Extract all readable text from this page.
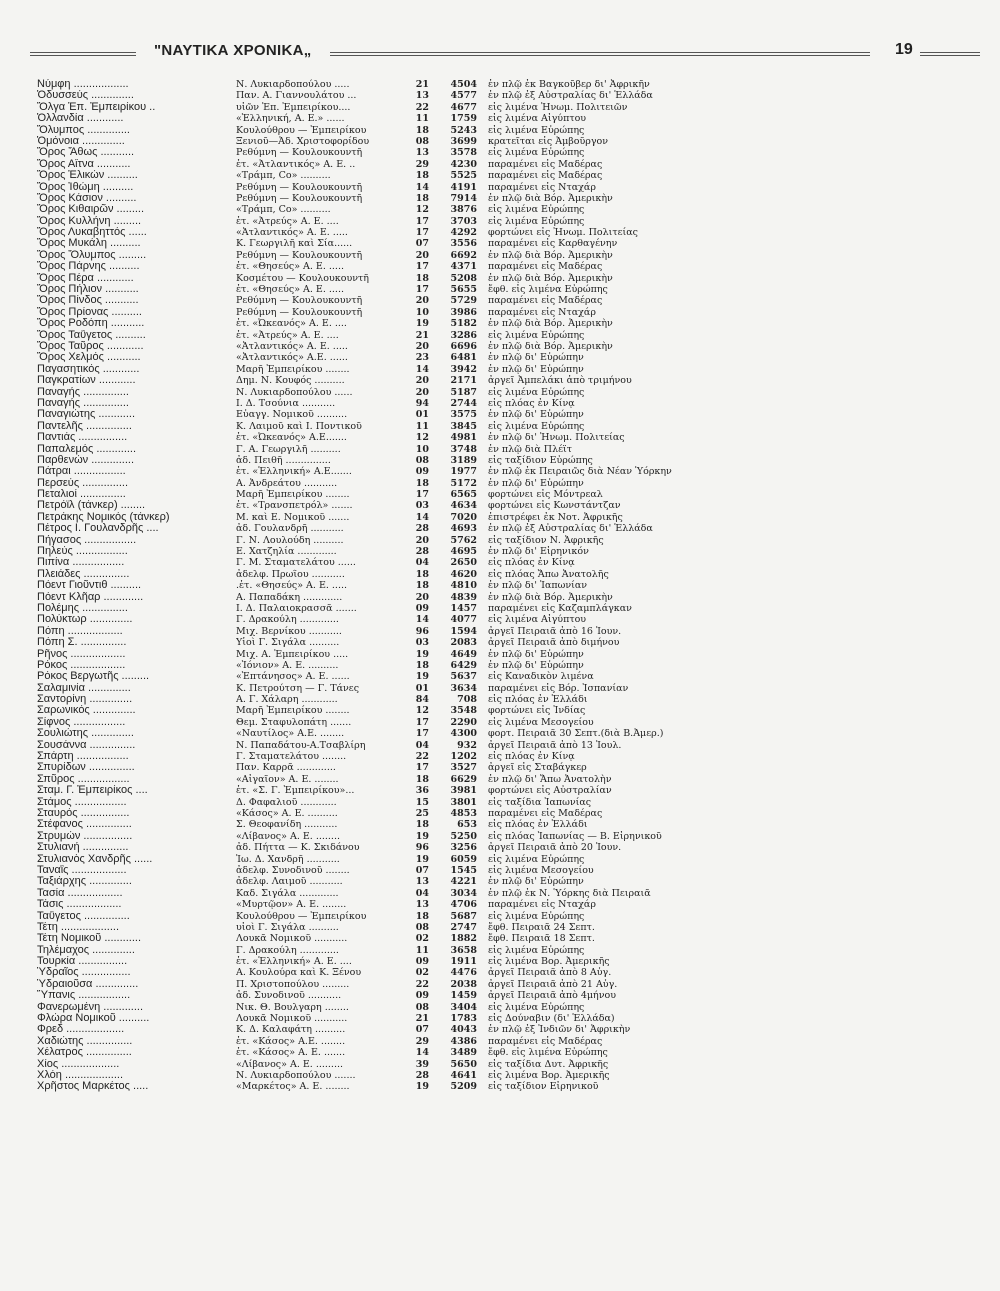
"ΝΑΥΤΙΚΑ ΧΡΟΝΙΚΑ„	19
Νύμφη ..................	Ν. Λυκιαρδοπούλου .....	21	4504 ἐν πλῷ ἐκ Βαγκοῦβερ δι' Ἀφρικῆν
Ὀδυσσεύς ..............	Παν. Α. Γιαννουλάτου ...	13	4577 ἐν πλῷ ἐξ Αὐστραλίας δι' Ἑλλάδα
Ὄλγα Ἐπ. Ἐμπειρίκου ..	υἱῶν Ἐπ. Ἐμπειρίκου....	22	4677 εἰς λιμένα Ἠνωμ. Πολιτειῶν
Ὀλλανδία ............	«Ἑλληνική, Α. Ε.» ......	11	1759 εἰς λιμένα Αἰγύπτου
Ὄλυμπος ..............	Κουλούθρου — Ἐμπειρίκου	18	5243 εἰς λιμένα Εὐρώπης
Ὁμόνοια ..............	Ξενιοῦ—Ἀδ. Χριστοφορίδου	08	3699 κρατεῖται εἰς Ἀμβοῦργον
Ὄρος Ἄθως ...........	Ρεθύμνη — Κουλουκουντῆ	13	3578 εἰς λιμένα Εὐρώπης
Ὄρος Αἴτνα ...........	ἑτ. «Ἀτλαντικός» Α. Ε. ..	29	4230 παραμένει εἰς Μαδέρας
Ὄρος Ἑλικών ..........	«Τράμπ, Co» ..........	18	5525 παραμένει εἰς Μαδέρας
Ὄρος Ἰθώμη ..........	Ρεθύμνη — Κουλουκουντῆ	14	4191 παραμένει εἰς Νταχάρ
Ὄρος Κάσιον ..........	Ρεθύμνη — Κουλουκουντῆ	18	7914 ἐν πλῷ διὰ Βόρ. Ἀμερικὴν
Ὄρος Κιθαιρῶν .........	«Τράμπ, Co» ..........	12	3876 εἰς λιμένα Εὐρώπης
Ὄρος Κυλλήνη .........	ἑτ. «Ἀτρεύς» Α. Ε. ....	17	3703 εἰς λιμένα Εὐρώπης
Ὄρος Λυκαβηττός ......	«Ἀτλαντικός» Α. Ε. .....	17	4292 φορτώνει εἰς Ἠνωμ. Πολιτείας
Ὄρος Μυκάλη ..........	Κ. Γεωργιλῆ καὶ Σία......	07	3556 παραμένει εἰς Καρθαγένην
Ὄρος Ὄλυμπος .........	Ρεθύμνη — Κουλουκουντῆ	20	6692 ἐν πλῷ διὰ Βόρ. Ἀμερικὴν
Ὄρος Πάρνης ..........	ἑτ. «Θησεύς» Α. Ε. .....	17	4371 παραμένει εἰς Μαδέρας
Ὄρος Πέρα ............	Κοσμέτου — Κουλουκουντῆ	18	5208 ἐν πλῷ διὰ Βόρ. Ἀμερικὴν
Ὄρος Πήλιον ...........	ἑτ. «Θησεύς» Α. Ε. .....	17	5655 ἔφθ. εἰς λιμένα Εὐρώπης
Ὄρος Πίνδος ...........	Ρεθύμνη — Κουλουκουντῆ	20	5729 παραμένει εἰς Μαδέρας
Ὄρος Πρίονας ..........	Ρεθύμνη — Κουλουκουντῆ	10	3986 παραμένει εἰς Νταχάρ
Ὄρος Ροδόπη ...........	ἑτ. «Ὠκεανός» Α. Ε. ....	19	5182 ἐν πλῷ διὰ Βόρ. Ἀμερικὴν
Ὄρος Ταΰγετος ..........	ἑτ. «Ἀτρεύς» Α. Ε. ....	21	3286 εἰς λιμένα Εὐρώπης
Ὄρος Ταῦρος ............	«Ἀτλαντικός» Α. Ε. .....	20	6696 ἐν πλῷ διὰ Βόρ. Ἀμερικὴν
Ὄρος Χελμός ...........	«Ἀτλαντικός» Α.Ε. ......	23	6481 ἐν πλῷ δι' Εὐρώπην
Παγασητικός ............	Μαρῆ Ἐμπειρίκου ........	14	3942 ἐν πλῷ δι' Εὐρώπην
Παγκρατίων ............	Δημ. Ν. Κουφός ..........	20	2171 ἀργεῖ Ἀμπελάκι ἀπὸ τριμήνου
Παναγής ...............	Ν. Λυκιαρδοπούλου ......	20	5187 εἰς λιμένα Εὐρώπης
Παναγής ...............	Ι. Δ. Τσούνια ...........	94	2744 εἰς πλόας ἐν Κίνᾳ
Παναγιώτης ............	Εὐαγγ. Νομικοῦ ..........	01	3575 ἐν πλῷ δι' Εὐρώπην
Παντελῆς ...............	Κ. Λαιμοῦ καὶ Ι. Ποντικοῦ	11	3845 εἰς λιμένα Εὐρώπης
Παντιάς ................	ἑτ. «Ὠκεανός» Α.Ε.......	12	4981 ἐν πλῷ δι' Ἠνωμ. Πολιτείας
Παπαλεμός .............	Γ. Α. Γεωργιλῆ ..........	10	3748 ἐν πλῷ διὰ Πλέϊτ
Παρθενών ..............	ἀδ. Πειθῆ ...............	08	3189 εἰς ταξίδιον Εὐρώπης
Πάτραι .................	ἑτ. «Ἑλληνική» Α.Ε.......	09	1977 ἐν πλῷ ἐκ Πειραιῶς διὰ Νέαν Ὑόρκην
Περσεύς ...............	Α. Ἀνδρεάτου ...........	18	5172 ἐν πλῷ δι' Εὐρώπην
Πεταλιοί ...............	Μαρῆ Ἐμπειρίκου ........	17	6565 φορτώνει εἰς Μόντρεαλ
Πετρόϊλ (τάνκερ) ........	ἑτ. «Τρανσπετρόλ» .......	03	4634 φορτώνει εἰς Κωνστάντζαν
Πετράκης Νομικός (τάνκερ)	Μ. καὶ Ε. Νομικοῦ .......	14	7020 ἐπιστρέφει ἐκ Νοτ. Ἀφρικῆς
Πέτρος Ι. Γουλανδρῆς ....	ἀδ. Γουλανδρῆ ...........	28	4693 ἐν πλῷ ἐξ Αὐστραλίας δι' Ἑλλάδα
Πήγασος .................	Γ. Ν. Λουλούδη ..........	20	5762 εἰς ταξίδιον Ν. Ἀφρικῆς
Πηλεύς .................	Ε. Χατζηλία .............	28	4695 ἐν πλῷ δι' Εἰρηνικόν
Πιπίνα .................	Γ. Μ. Σταματελάτου ......	04	2650 εἰς πλόας ἐν Κίνᾳ
Πλειάδες ...............	ἀδελφ. Πρωΐου ...........	18	4620 εἰς πλόας Ἄπω Ἀνατολῆς
Πόεντ Γιοῦντιθ ..........	.ἑτ. «Θησεύς» Α. Ε. .....	18	4810 ἐν πλῷ δι' Ἰαπωνίαν
Πόεντ Κλῆαρ .............	Α. Παπαδάκη .............	20	4839 ἐν πλῷ διὰ Βόρ. Ἀμερικὴν
Πολέμης ...............	Ι. Δ. Παλαιοκρασσᾶ .......	09	1457 παραμένει εἰς Καζαμπλάγκαν
Πολύκτωρ ..............	Γ. Δρακούλη .............	14	4077 εἰς λιμένα Αἰγύπτου
Πόπη ..................	Μιχ. Βερνίκου ...........	96	1594 ἀργεῖ Πειραιᾶ ἀπὸ 16 Ἰουν.
Πόπη Σ. ...............	Υἱοὶ Γ. Σιγάλα ..........	03	2083 ἀργεῖ Πειραιᾶ ἀπὸ διμήνου
Ρῆνος ..................	Μιχ. Α. Ἐμπειρίκου .....	19	4649 ἐν πλῷ δι' Εὐρώπην
Ρόκος ..................	«Ἰόνιον» Α. Ε. ..........	18	6429 ἐν πλῷ δι' Εὐρώπην
Ρόκος Βεργωτῆς .........	«Ἐπτάνησος» Α. Ε. ......	19	5637 εἰς Καναδικὸν λιμένα
Σαλαμινία ..............	Κ. Πετρούτση — Γ. Τάνες	01	3634 παραμένει εἰς Βόρ. Ἰσπανίαν
Σαντορίνη ..............	Α. Γ. Χάλαρη ............	84	708 εἰς πλόας ἐν Ἑλλάδι
Σαρωνικός ..............	Μαρῆ Ἐμπειρίκου ........	12	3548 φορτώνει εἰς Ἰνδίας
Σίφνος .................	Θεμ. Σταφυλοπάτη .......	17	2290 εἰς λιμένα Μεσογείου
Σουλιώτης ..............	«Ναυτίλος» Α.Ε. ........	17	4300 φορτ. Πειραιᾶ 30 Σεπτ.(διὰ Β.Ἀμερ.)
Σουσάννα ...............	Ν. Παπαδάτου-Α.Τσαβλίρη	04	932 ἀργεῖ Πειραιᾶ ἀπὸ 13 Ἰουλ.
Σπάρτη .................	Γ. Σταματελάτου ........	22	1202 εἰς πλόας ἐν Κίνᾳ
Σπυρίδων ...............	Παν. Καρρᾶ .............	17	3527 ἀργεῖ εἰς Σταβάγκερ
Σπῦρος .................	«Αἰγαῖον» Α. Ε. ........	18	6629 ἐν πλῷ δι' Ἄπω Ἀνατολὴν
Σταμ. Γ. Ἐμπειρίκος ....	ἑτ. «Σ. Γ. Ἐμπειρίκου»...	36	3981 φορτώνει εἰς Αὐστραλίαν
Στάμος .................	Δ. Φαφαλιοῦ ............	15	3801 εἰς ταξίδια Ἰαπωνίας
Σταυρός ................	«Κάσος» Α. Ε. ..........	25	4853 παραμένει εἰς Μαδέρας
Στέφανος ...............	Σ. Θεοφανίδη ...........	18	653 εἰς πλόας ἐν Ἑλλάδι
Στρυμών ................	«Λίβανος» Α. Ε. ........	19	5250 εἰς πλόας Ἰαπωνίας — Β. Εἰρηνικοῦ
Στυλιανή ...............	ἀδ. Πήττα — Κ. Σκιδάνου	96	3256 ἀργεῖ Πειραιᾶ ἀπὸ 20 Ἰουν.
Στυλιανὸς Χανδρῆς ......	Ἰω. Δ. Χανδρῆ ...........	19	6059 εἰς λιμένα Εὐρώπης
Ταναΐς ..................	ἀδελφ. Συνοδινοῦ ........	07	1545 εἰς λιμένα Μεσογείου
Ταξιάρχης ..............	ἀδελφ. Λαιμοῦ ...........	13	4221 ἐν πλῷ δι' Εὐρώπην
Τασία ..................	Καδ. Σιγάλα .............	04	3034 ἐν πλῷ ἐκ Ν. Ὑόρκης διὰ Πειραιᾶ
Τάσις ..................	«Μυρτῷον» Α. Ε. ........	13	4706 παραμένει εἰς Νταχάρ
Ταΰγετος ...............	Κουλούθρου — Ἐμπειρίκου	18	5687 εἰς λιμένα Εὐρώπης
Τέτη ...................	υἱοὶ Γ. Σιγάλα ..........	08	2747 ἔφθ. Πειραιᾶ 24 Σεπτ.
Τέτη Νομικοῦ ............	Λουκᾶ Νομικοῦ ...........	02	1882 ἔφθ. Πειραιᾶ 18 Σεπτ.
Τηλέμαχος ..............	Γ. Δρακούλη .............	11	3658 εἰς λιμένα Εὐρώπης
Τουρκία ................	ἑτ. «Ἑλληνική» Α. Ε. ....	09	1911 εἰς λιμένα Βορ. Ἀμερικῆς
Ὑδραῖος ................	Α. Κουλούρα καὶ Κ. Ξένου	02	4476 ἀργεῖ Πειραιᾶ ἀπὸ 8 Αὐγ.
Ὑδραιοῦσα ..............	Π. Χριστοπούλου .........	22	2038 ἀργεῖ Πειραιᾶ ἀπὸ 21 Αὐγ.
Ὕπανις .................	ἀδ. Συνοδινοῦ ...........	09	1459 ἀργεῖ Πειραιᾶ ἀπὸ 4μήνου
Φανερωμένη .............	Νικ. Θ. Βουλγαρη ........	08	3404 εἰς λιμένα Εὐρώπης
Φλώρα Νομικοῦ ..........	Λουκᾶ Νομικοῦ ...........	21	1783 εἰς Δούναβιν (δι' Ἑλλάδα)
Φρεδ ...................	Κ. Δ. Καλαφάτη ..........	07	4043 ἐν πλῷ ἐξ Ἰνδιῶν δι' Ἀφρικὴν
Χαδιώτης ...............	ἑτ. «Κάσος» Α.Ε. ........	29	4386 παραμένει εἰς Μαδέρας
Χέλατρος ...............	ἑτ. «Κάσος» Α. Ε. .......	14	3489 ἔφθ. εἰς λιμένα Εὐρώπης
Χίος ...................	«Λίβανος» Α. Ε. .........	39	5650 εἰς ταξίδια Δυτ. Ἀφρικῆς
Χλόη ...................	Ν. Λυκιαρδοπούλου .......	28	4641 εἰς λιμένα Βορ. Ἀμερικῆς
Χρῆστος Μαρκέτος .....	«Μαρκέτος» Α. Ε. ........	19	5209 εἰς ταξίδιον Εἰρηνικοῦ
